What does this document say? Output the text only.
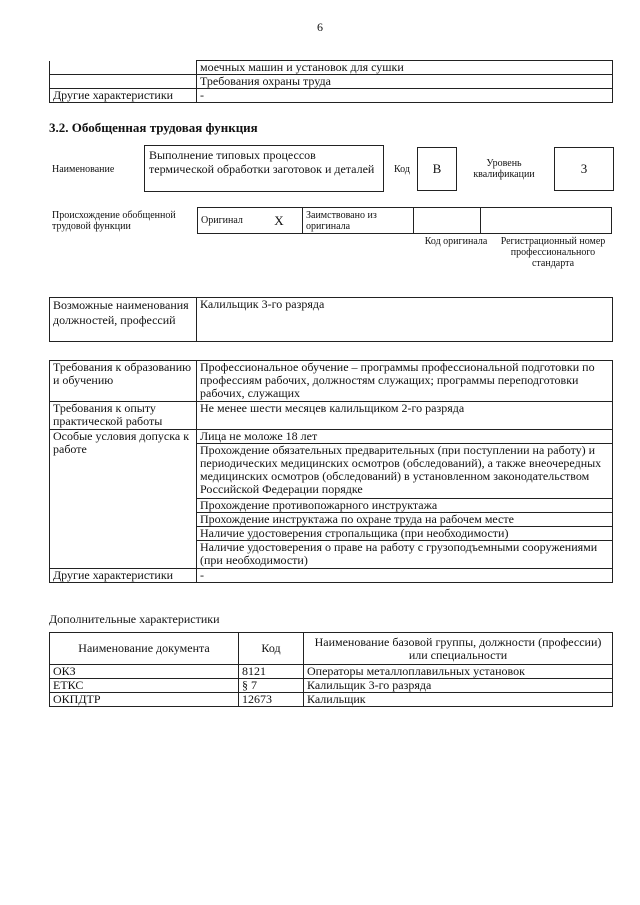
6
	моечных машин и установок для сушки
	Требования охраны труда
Другие характеристики	-
3.2. Обобщенная трудовая функция
Наименование
Выполнение типовых процессов термической обработки заготовок и деталей	Код	В	Уровень квалификации	3
Происхождение обобщенной трудовой функции
Оригинал	X	Заимствовано из оригинала		
Код оригинала Регистрационный номер профессионального стандарта
Возможные наименования должностей, профессий	Калильщик 3-го разряда
Требования к образованию и обучению	Профессиональное обучение – программы профессиональной подготовки по профессиям рабочих, должностям служащих; программы переподготовки рабочих, служащих
Требования к опыту практической работы	Не менее шести месяцев калильщиком 2-го разряда
Особые условия допуска к работе	Лица не моложе 18 лет
	Прохождение обязательных предварительных (при поступлении на работу) и периодических медицинских осмотров (обследований), а также внеочередных медицинских осмотров (обследований) в установленном законодательством Российской Федерации порядке
	Прохождение противопожарного инструктажа
	Прохождение инструктажа по охране труда на рабочем месте
	Наличие удостоверения стропальщика (при необходимости)
	Наличие удостоверения о праве на работу с грузоподъемными сооружениями (при необходимости)
Другие характеристики	-
Дополнительные характеристики
Наименование документа	Код	Наименование базовой группы, должности (профессии) или специальности
ОКЗ	8121	Операторы металлоплавильных установок
ЕТКС	§ 7	Калильщик 3-го разряда
ОКПДТР	12673	Калильщик
